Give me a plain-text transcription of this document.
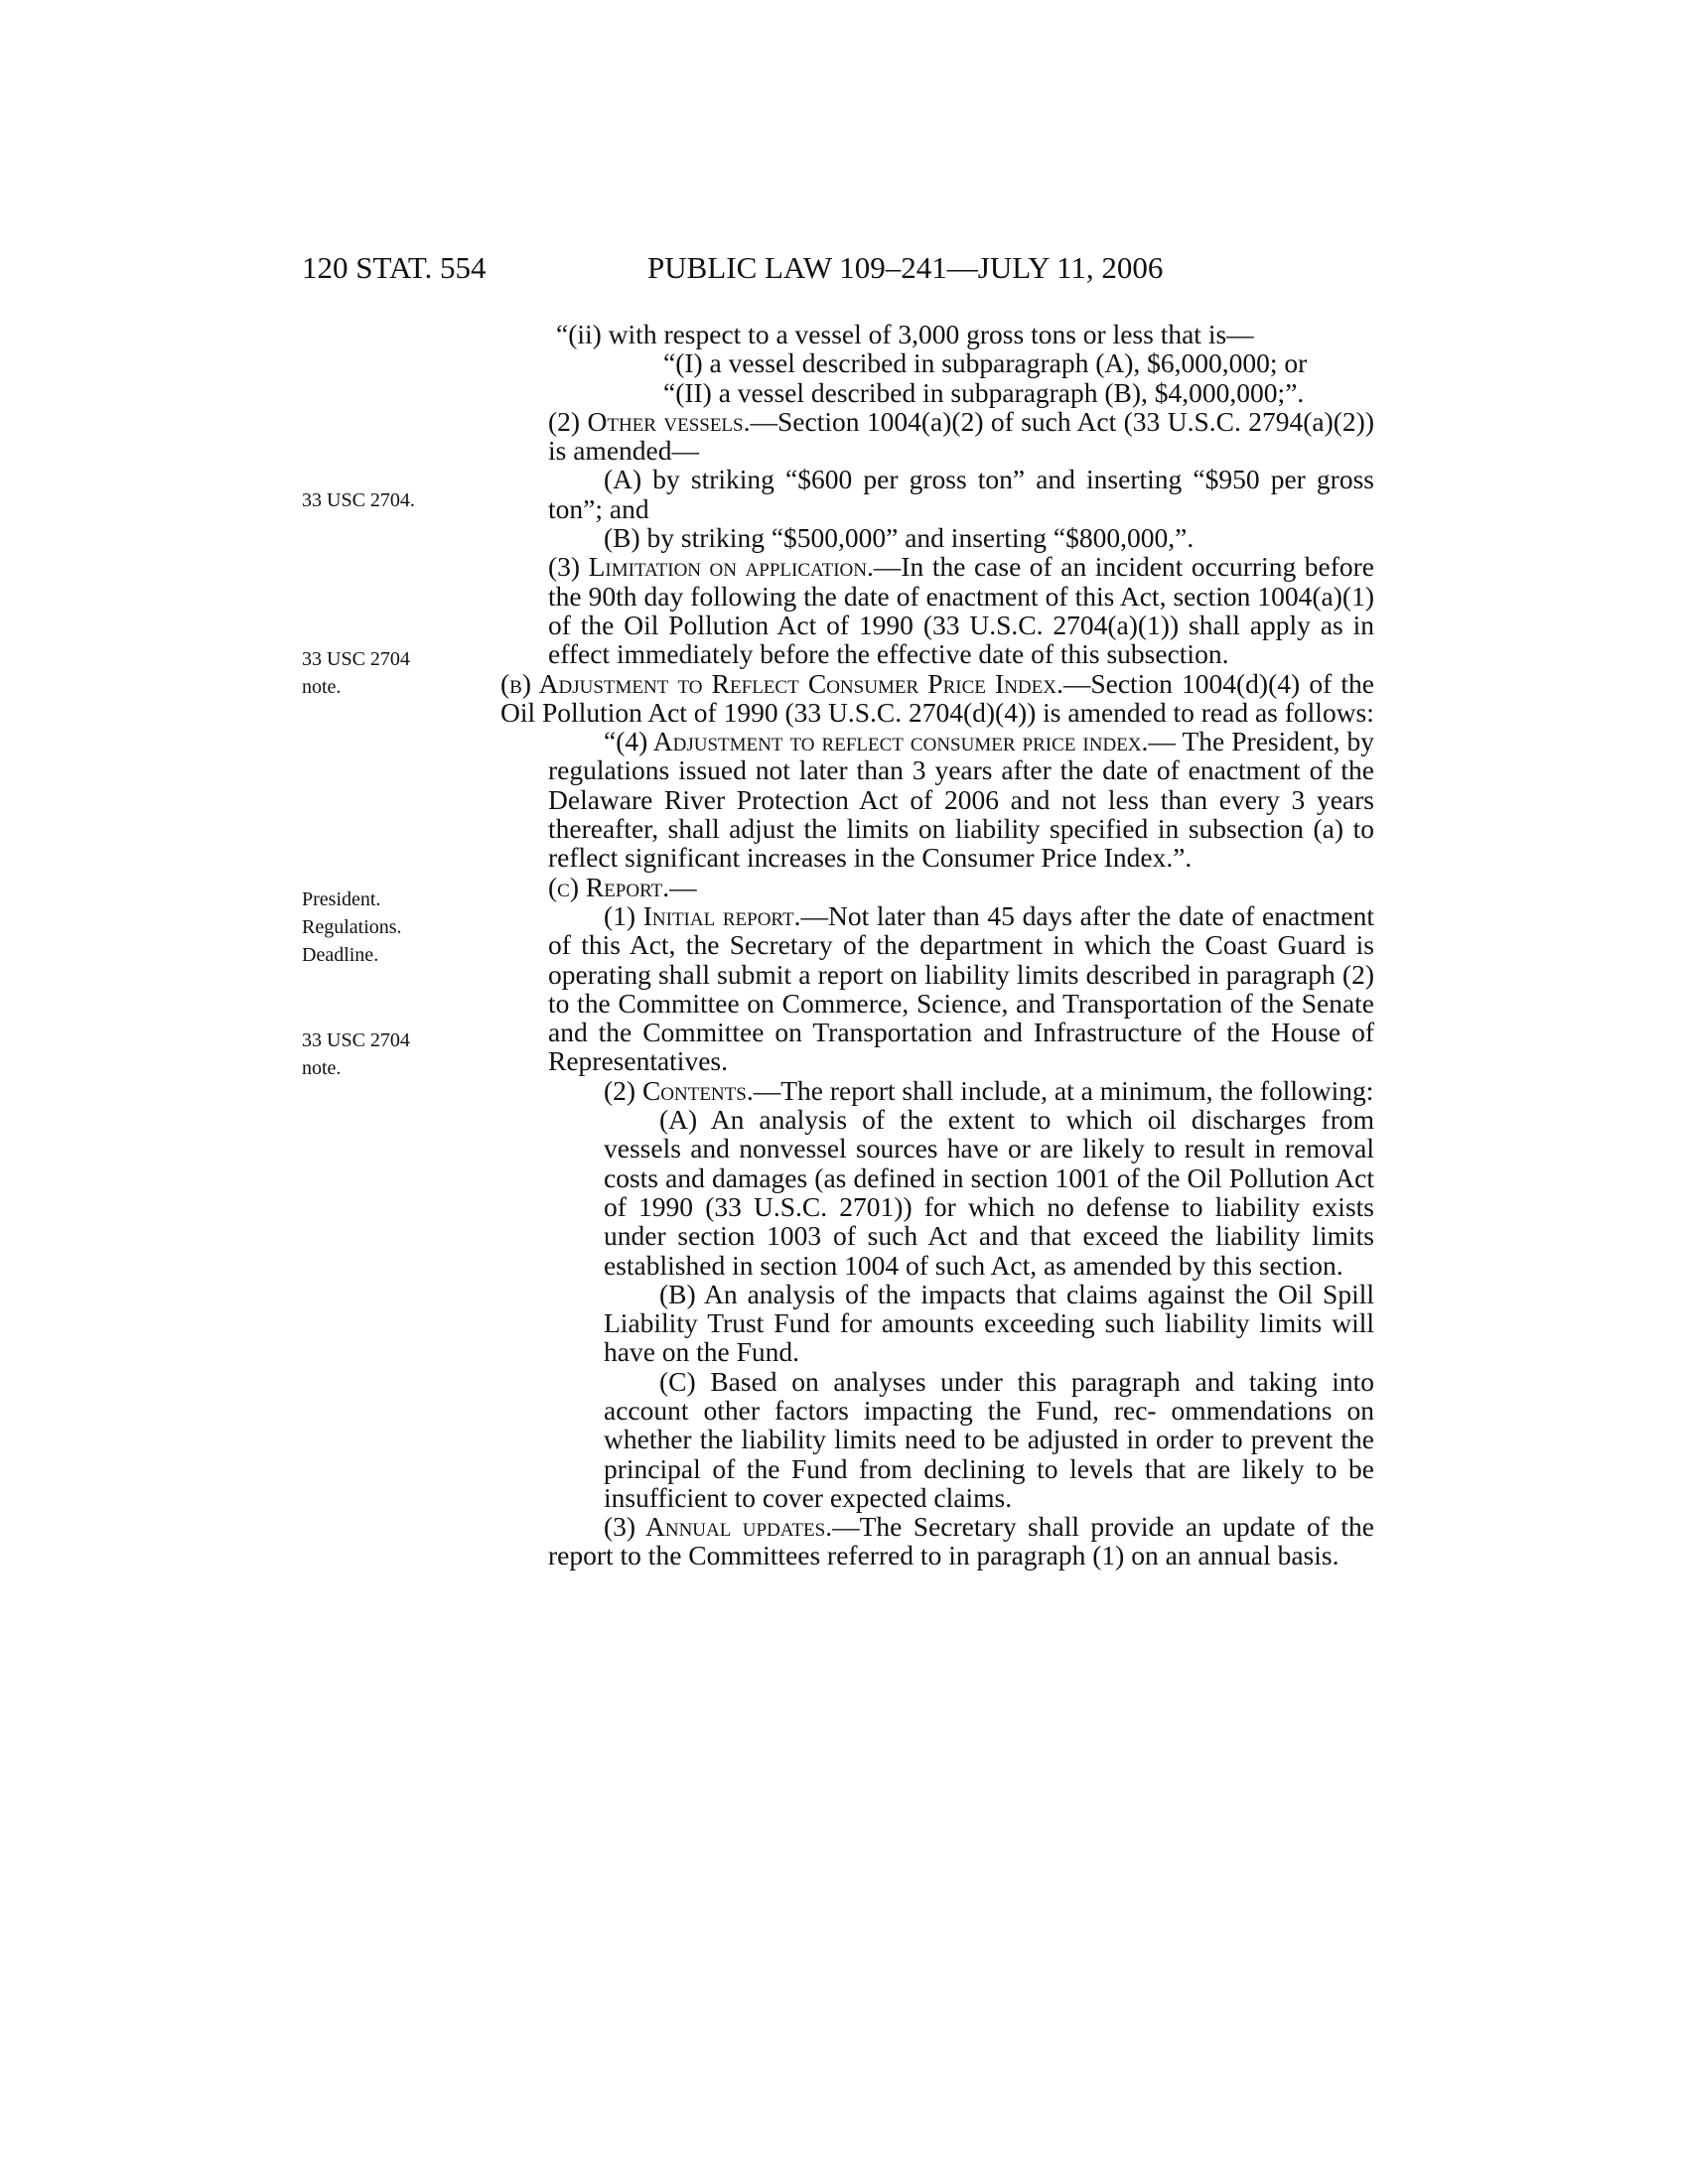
120 STAT. 554	PUBLIC LAW 109–241—JULY 11, 2006
33 USC 2704.
33 USC 2704
note.
President.
Regulations.
Deadline.
33 USC 2704
note.

“(ii) with respect to a vessel of 3,000 gross tons or less that is—

“(I) a vessel described in subparagraph (A), $6,000,000; or

“(II) a vessel described in subparagraph (B), $4,000,000;”.

(2) Other vessels.—Section 1004(a)(2) of such Act (33 U.S.C. 2794(a)(2)) is amended—

(A) by striking “$600 per gross ton” and inserting “$950 per gross ton”; and

(B) by striking “$500,000” and inserting “$800,000,”.

(3) Limitation on application.—In the case of an incident occurring before the 90th day following the date of enactment of this Act, section 1004(a)(1) of the Oil Pollution Act of 1990 (33 U.S.C. 2704(a)(1)) shall apply as in effect immediately before the effective date of this subsection.

(b) Adjustment to Reflect Consumer Price Index.—Section 1004(d)(4) of the Oil Pollution Act of 1990 (33 U.S.C. 2704(d)(4)) is amended to read as follows:

“(4) Adjustment to reflect consumer price index.— The President, by regulations issued not later than 3 years after the date of enactment of the Delaware River Protection Act of 2006 and not less than every 3 years thereafter, shall adjust the limits on liability specified in subsection (a) to reflect significant increases in the Consumer Price Index.”.

(c) Report.—

(1) Initial report.—Not later than 45 days after the date of enactment of this Act, the Secretary of the department in which the Coast Guard is operating shall submit a report on liability limits described in paragraph (2) to the Committee on Commerce, Science, and Transportation of the Senate and the Committee on Transportation and Infrastructure of the House of Representatives.

(2) Contents.—The report shall include, at a minimum, the following:

(A) An analysis of the extent to which oil discharges from vessels and nonvessel sources have or are likely to result in removal costs and damages (as defined in section 1001 of the Oil Pollution Act of 1990 (33 U.S.C. 2701)) for which no defense to liability exists under section 1003 of such Act and that exceed the liability limits established in section 1004 of such Act, as amended by this section.

(B) An analysis of the impacts that claims against the Oil Spill Liability Trust Fund for amounts exceeding such liability limits will have on the Fund.

(C) Based on analyses under this paragraph and taking into account other factors impacting the Fund, rec- ommendations on whether the liability limits need to be adjusted in order to prevent the principal of the Fund from declining to levels that are likely to be insufficient to cover expected claims.

(3) Annual updates.—The Secretary shall provide an update of the report to the Committees referred to in paragraph (1) on an annual basis.
